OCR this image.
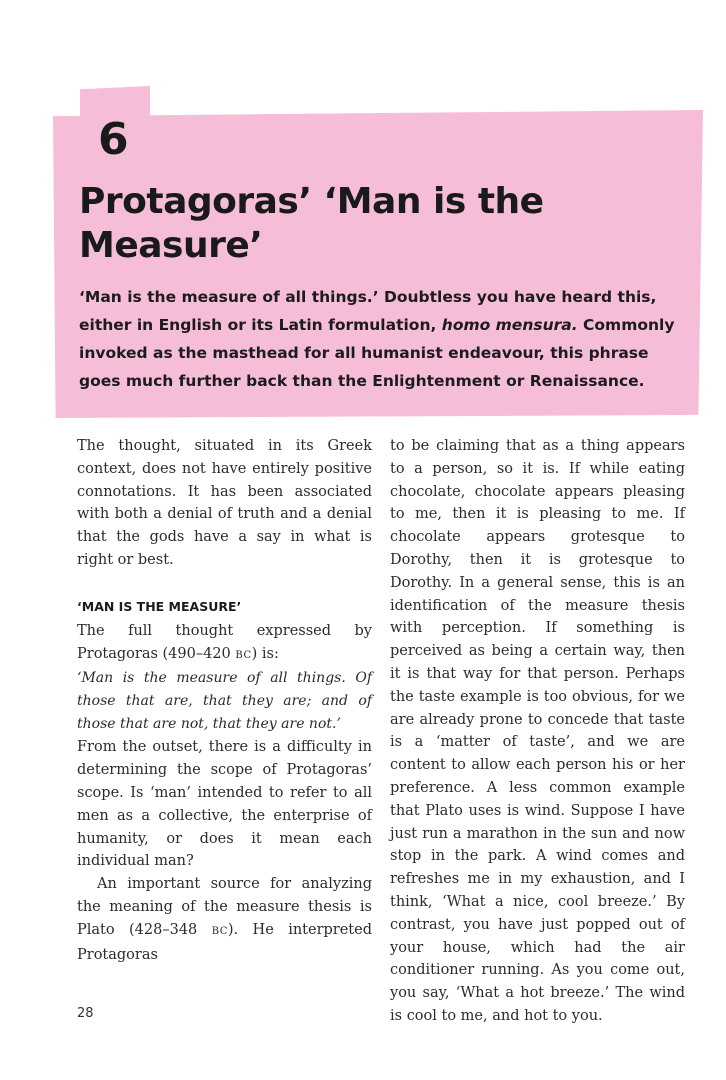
6
Protagoras’ ‘Man is the Measure’

‘Man is the measure of all things.’ Doubtless you have heard this, either in English or its Latin formulation, homo mensura. Commonly invoked as the masthead for all humanist endeavour, this phrase goes much further back than the Enlightenment or Renaissance.

The thought, situated in its Greek context, does not have entirely positive connotations. It has been associated with both a denial of truth and a denial that the gods have a say in what is right or best.

‘MAN IS THE MEASURE’

The full thought expressed by Protagoras (490–420 BC) is:

‘Man is the measure of all things. Of those that are, that they are; and of those that are not, that they are not.’

From the outset, there is a difficulty in determining the scope of Protagoras’ scope. Is ‘man’ intended to refer to all men as a collective, the enterprise of humanity, or does it mean each individual man?

An important source for analyzing the meaning of the measure thesis is Plato (428–348 BC). He interpreted Protagoras

to be claiming that as a thing appears to a person, so it is. If while eating chocolate, chocolate appears pleasing to me, then it is pleasing to me. If chocolate appears grotesque to Dorothy, then it is grotesque to Dorothy. In a general sense, this is an identification of the measure thesis with perception. If something is perceived as being a certain way, then it is that way for that person. Perhaps the taste example is too obvious, for we are already prone to concede that taste is a ‘matter of taste’, and we are content to allow each person his or her preference. A less common example that Plato uses is wind. Suppose I have just run a marathon in the sun and now stop in the park. A wind comes and refreshes me in my exhaustion, and I think, ‘What a nice, cool breeze.’ By contrast, you have just popped out of your house, which had the air conditioner running. As you come out, you say, ‘What a hot breeze.’ The wind is cool to me, and hot to you.

28
